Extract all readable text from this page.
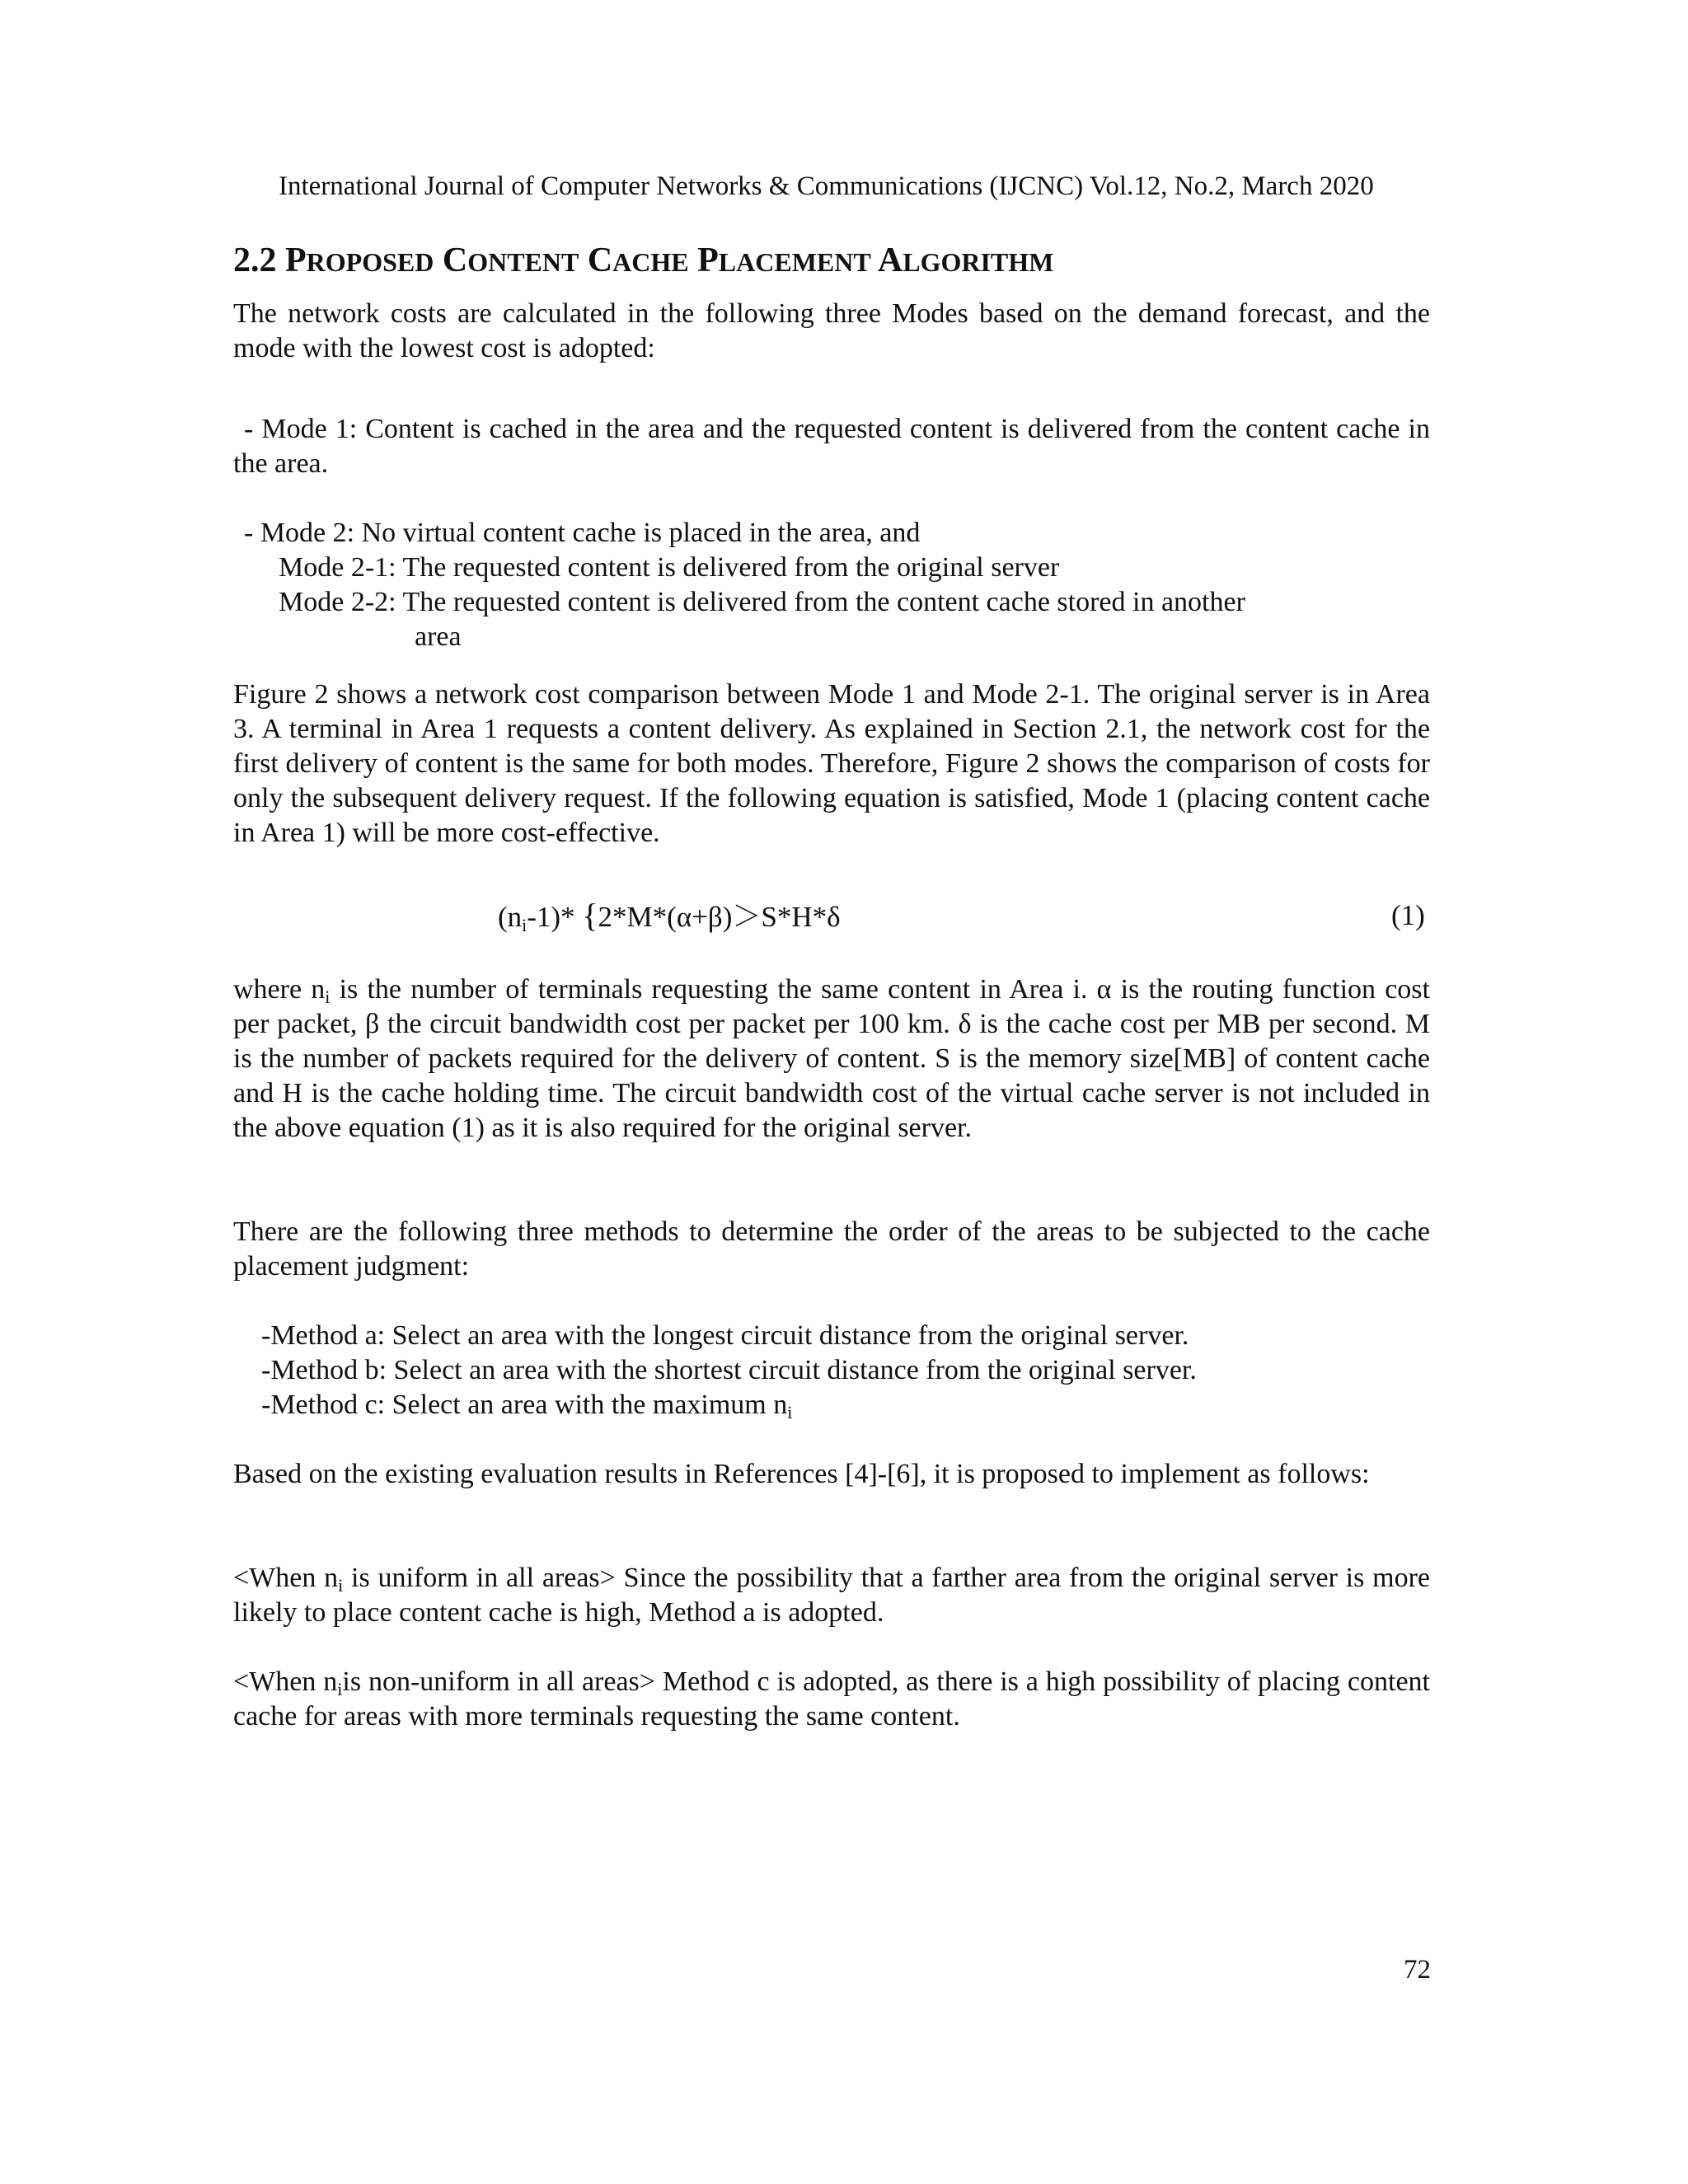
International Journal of Computer Networks & Communications (IJCNC) Vol.12, No.2, March 2020
2.2 PROPOSED CONTENT CACHE PLACEMENT ALGORITHM

The network costs are calculated in the following three Modes based on the demand forecast, and the mode with the lowest cost is adopted:

- Mode 1: Content is cached in the area and the requested content is delivered from the content cache in the area.

- Mode 2: No virtual content cache is placed in the area, and
Mode 2-1: The requested content is delivered from the original server
Mode 2-2: The requested content is delivered from the content cache stored in another
area

Figure 2 shows a network cost comparison between Mode 1 and Mode 2-1. The original server is in Area 3. A terminal in Area 1 requests a content delivery. As explained in Section 2.1, the network cost for the first delivery of content is the same for both modes. Therefore, Figure 2 shows the comparison of costs for only the subsequent delivery request. If the following equation is satisfied, Mode 1 (placing content cache in Area 1) will be more cost-effective.

$(n_i-1)*$ {2*M*(α+β)＞S*H*δ	(1)

where $n_i$ is the number of terminals requesting the same content in Area i. α is the routing function cost per packet, β the circuit bandwidth cost per packet per 100 km. δ is the cache cost per MB per second. M is the number of packets required for the delivery of content. S is the memory size[MB] of content cache and H is the cache holding time. The circuit bandwidth cost of the virtual cache server is not included in the above equation (1) as it is also required for the original server.

There are the following three methods to determine the order of the areas to be subjected to the cache placement judgment:

-Method a: Select an area with the longest circuit distance from the original server.
-Method b: Select an area with the shortest circuit distance from the original server.
-Method c: Select an area with the maximum $n_i$

Based on the existing evaluation results in References [4]-[6], it is proposed to implement as follows:

<When $n_i$ is uniform in all areas> Since the possibility that a farther area from the original server is more likely to place content cache is high, Method a is adopted.

<When $n_iis$ non-uniform in all areas> Method c is adopted, as there is a high possibility of placing content cache for areas with more terminals requesting the same content.

72
